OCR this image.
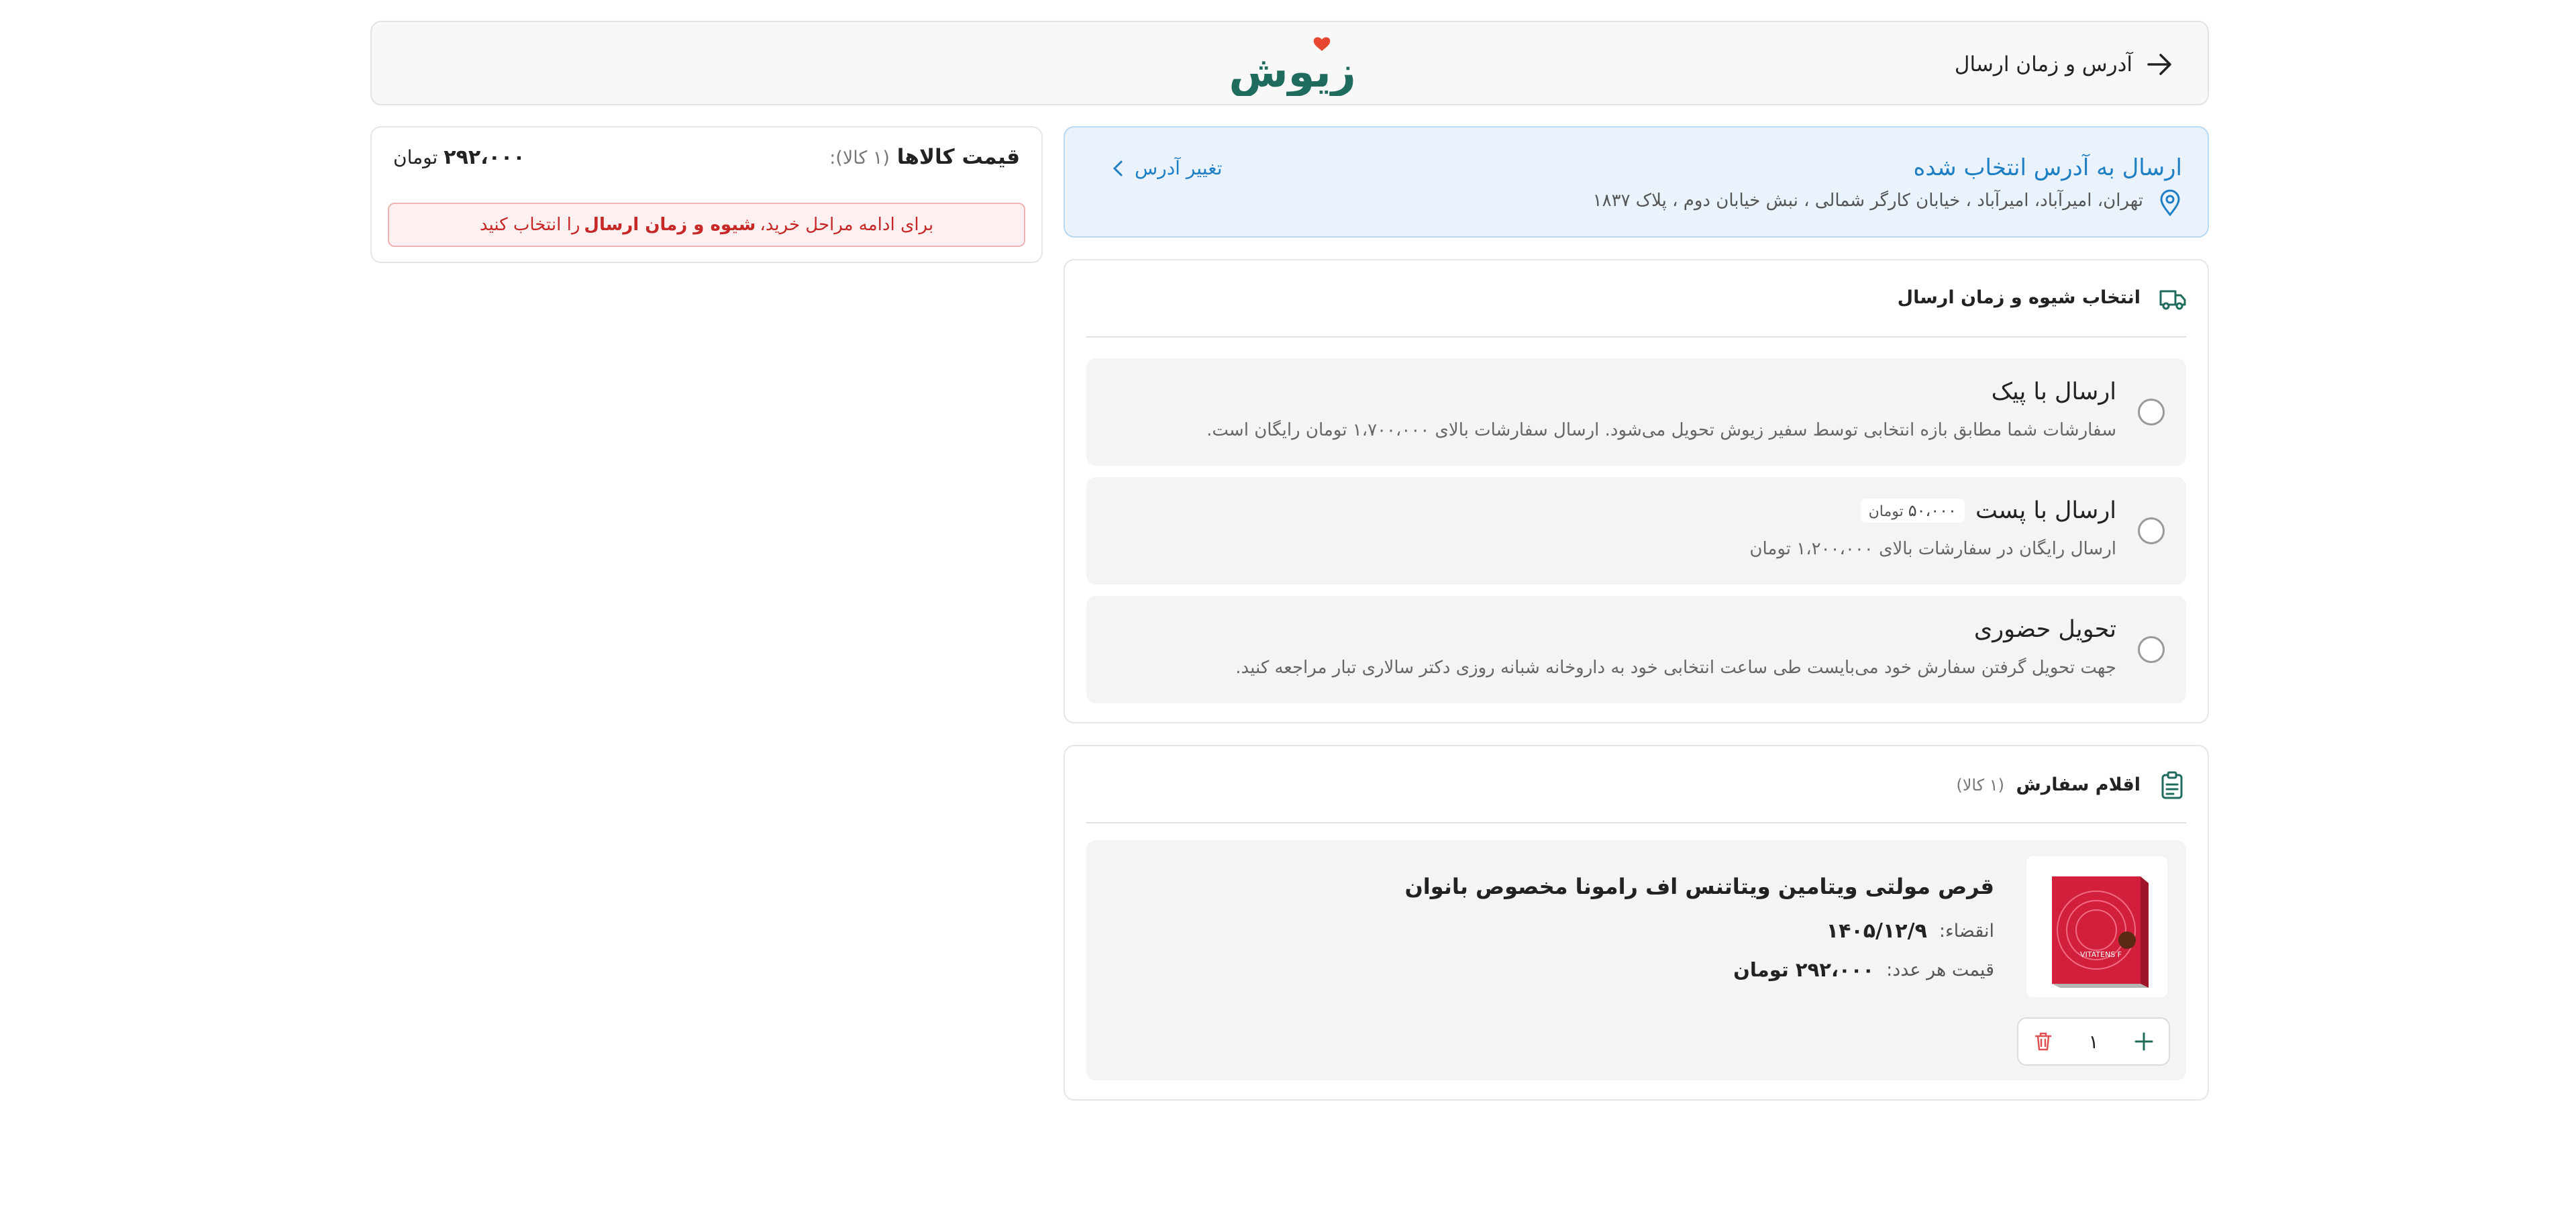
آدرس و زمان ارسال
زیوش
قیمت کالاها (۱ کالا):
۲۹۲،۰۰۰ تومان
برای ادامه مراحل خرید،
شیوه و زمان ارسال
را انتخاب کنید
ارسال به آدرس انتخاب شده
تهران، امیرآباد، امیرآباد ، خیابان کارگر شمالی ، نبش خیابان دوم ، پلاک ۱۸۳۷
تغییر آدرس
انتخاب شیوه و زمان ارسال
ارسال با پیک
سفارشات شما مطابق بازه انتخابی توسط سفیر زیوش تحویل می‌شود. ارسال سفارشات بالای ۱،۷۰۰،۰۰۰ تومان رایگان است.
ارسال با پست
۵۰،۰۰۰ تومان
ارسال رایگان در سفارشات بالای ۱،۲۰۰،۰۰۰ تومان
تحویل حضوری
جهت تحویل گرفتن سفارش خود می‌بایست طی ساعت انتخابی خود به داروخانه شبانه روزی دکتر سالاری تبار مراجعه کنید.
اقلام سفارش (۱ کالا)
VITATENS F
قرص مولتی ویتامین ویتاتنس اف رامونا مخصوص بانوان
انقضاء:
۱۴۰۵/۱۲/۹
قیمت هر عدد:
۲۹۲،۰۰۰ تومان
۱
